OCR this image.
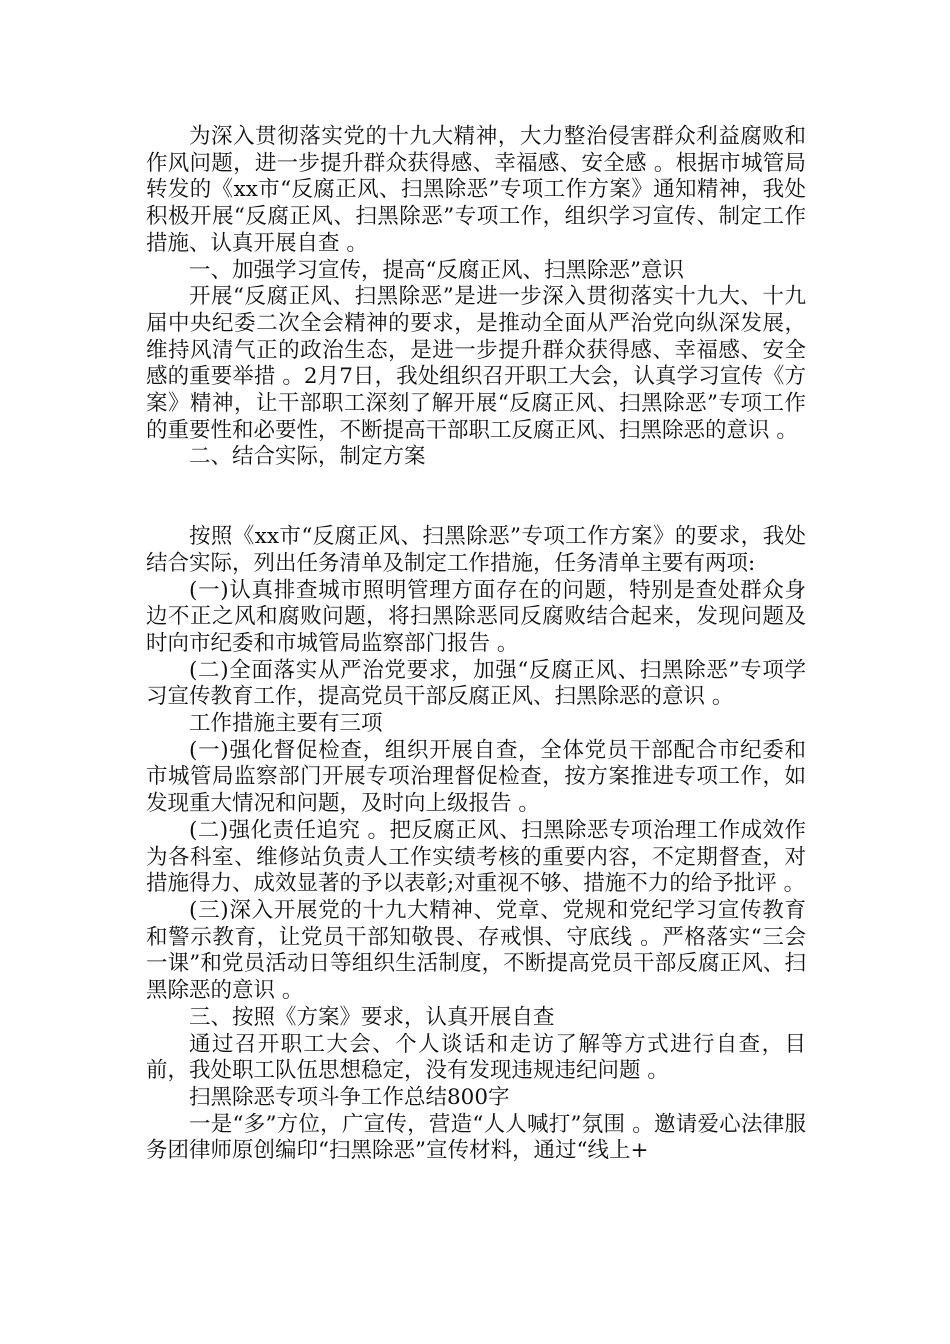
为深入贯彻落实党的十九大精神，大力整治侵害群众利益腐败和作风问题，进一步提升群众获得感、幸福感、安全感 。根据市城管局转发的《xx市“反腐正风、扫黑除恶”专项工作方案》通知精神，我处积极开展“反腐正风、扫黑除恶”专项工作，组织学习宣传、制定工作措施、认真开展自查 。

一、加强学习宣传，提高“反腐正风、扫黑除恶”意识

开展“反腐正风、扫黑除恶”是进一步深入贯彻落实十九大、十九届中央纪委二次全会精神的要求，是推动全面从严治党向纵深发展，维持风清气正的政治生态，是进一步提升群众获得感、幸福感、安全感的重要举措 。2月7日，我处组织召开职工大会，认真学习宣传《方案》精神，让干部职工深刻了解开展“反腐正风、扫黑除恶”专项工作的重要性和必要性，不断提高干部职工反腐正风、扫黑除恶的意识 。

二、结合实际，制定方案

按照《xx市“反腐正风、扫黑除恶”专项工作方案》的要求，我处结合实际，列出任务清单及制定工作措施，任务清单主要有两项:

(一)认真排查城市照明管理方面存在的问题，特别是查处群众身边不正之风和腐败问题，将扫黑除恶同反腐败结合起来，发现问题及时向市纪委和市城管局监察部门报告 。

(二)全面落实从严治党要求，加强“反腐正风、扫黑除恶”专项学习宣传教育工作，提高党员干部反腐正风、扫黑除恶的意识 。

工作措施主要有三项

(一)强化督促检查，组织开展自查，全体党员干部配合市纪委和市城管局监察部门开展专项治理督促检查，按方案推进专项工作，如发现重大情况和问题，及时向上级报告 。

(二)强化责任追究 。把反腐正风、扫黑除恶专项治理工作成效作为各科室、维修站负责人工作实绩考核的重要内容，不定期督查，对措施得力、成效显著的予以表彰;对重视不够、措施不力的给予批评 。

(三)深入开展党的十九大精神、党章、党规和党纪学习宣传教育和警示教育，让党员干部知敬畏、存戒惧、守底线 。严格落实“三会一课”和党员活动日等组织生活制度，不断提高党员干部反腐正风、扫黑除恶的意识 。

三、按照《方案》要求，认真开展自查

通过召开职工大会、个人谈话和走访了解等方式进行自查，目前，我处职工队伍思想稳定，没有发现违规违纪问题 。

扫黑除恶专项斗争工作总结800字

一是“多”方位，广宣传，营造“人人喊打”氛围 。邀请爱心法律服务团律师原创编印“扫黑除恶”宣传材料，通过“线上+
